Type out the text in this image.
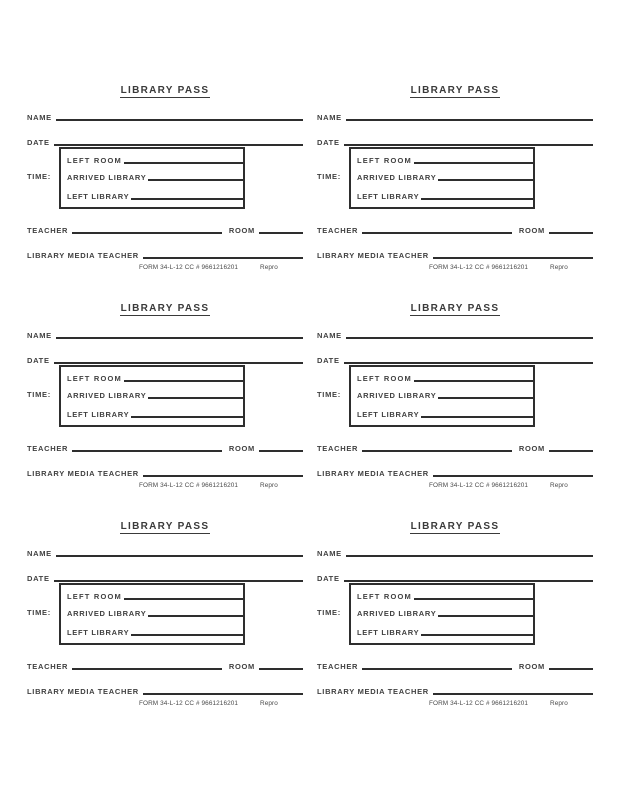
LIBRARY PASS
NAME
DATE
TIME:
LEFT ROOM
ARRIVED LIBRARY
LEFT LIBRARY
TEACHER	ROOM
LIBRARY MEDIA TEACHER
FORM 34-L-12 CC # 9661216201	Repro
LIBRARY PASS
NAME
DATE
TIME:
LEFT ROOM
ARRIVED LIBRARY
LEFT LIBRARY
TEACHER	ROOM
LIBRARY MEDIA TEACHER
FORM 34-L-12 CC # 9661216201	Repro
LIBRARY PASS
NAME
DATE
TIME:
LEFT ROOM
ARRIVED LIBRARY
LEFT LIBRARY
TEACHER	ROOM
LIBRARY MEDIA TEACHER
FORM 34-L-12 CC # 9661216201	Repro
LIBRARY PASS
NAME
DATE
TIME:
LEFT ROOM
ARRIVED LIBRARY
LEFT LIBRARY
TEACHER	ROOM
LIBRARY MEDIA TEACHER
FORM 34-L-12 CC # 9661216201	Repro
LIBRARY PASS
NAME
DATE
TIME:
LEFT ROOM
ARRIVED LIBRARY
LEFT LIBRARY
TEACHER	ROOM
LIBRARY MEDIA TEACHER
FORM 34-L-12 CC # 9661216201	Repro
LIBRARY PASS
NAME
DATE
TIME:
LEFT ROOM
ARRIVED LIBRARY
LEFT LIBRARY
TEACHER	ROOM
LIBRARY MEDIA TEACHER
FORM 34-L-12 CC # 9661216201	Repro
